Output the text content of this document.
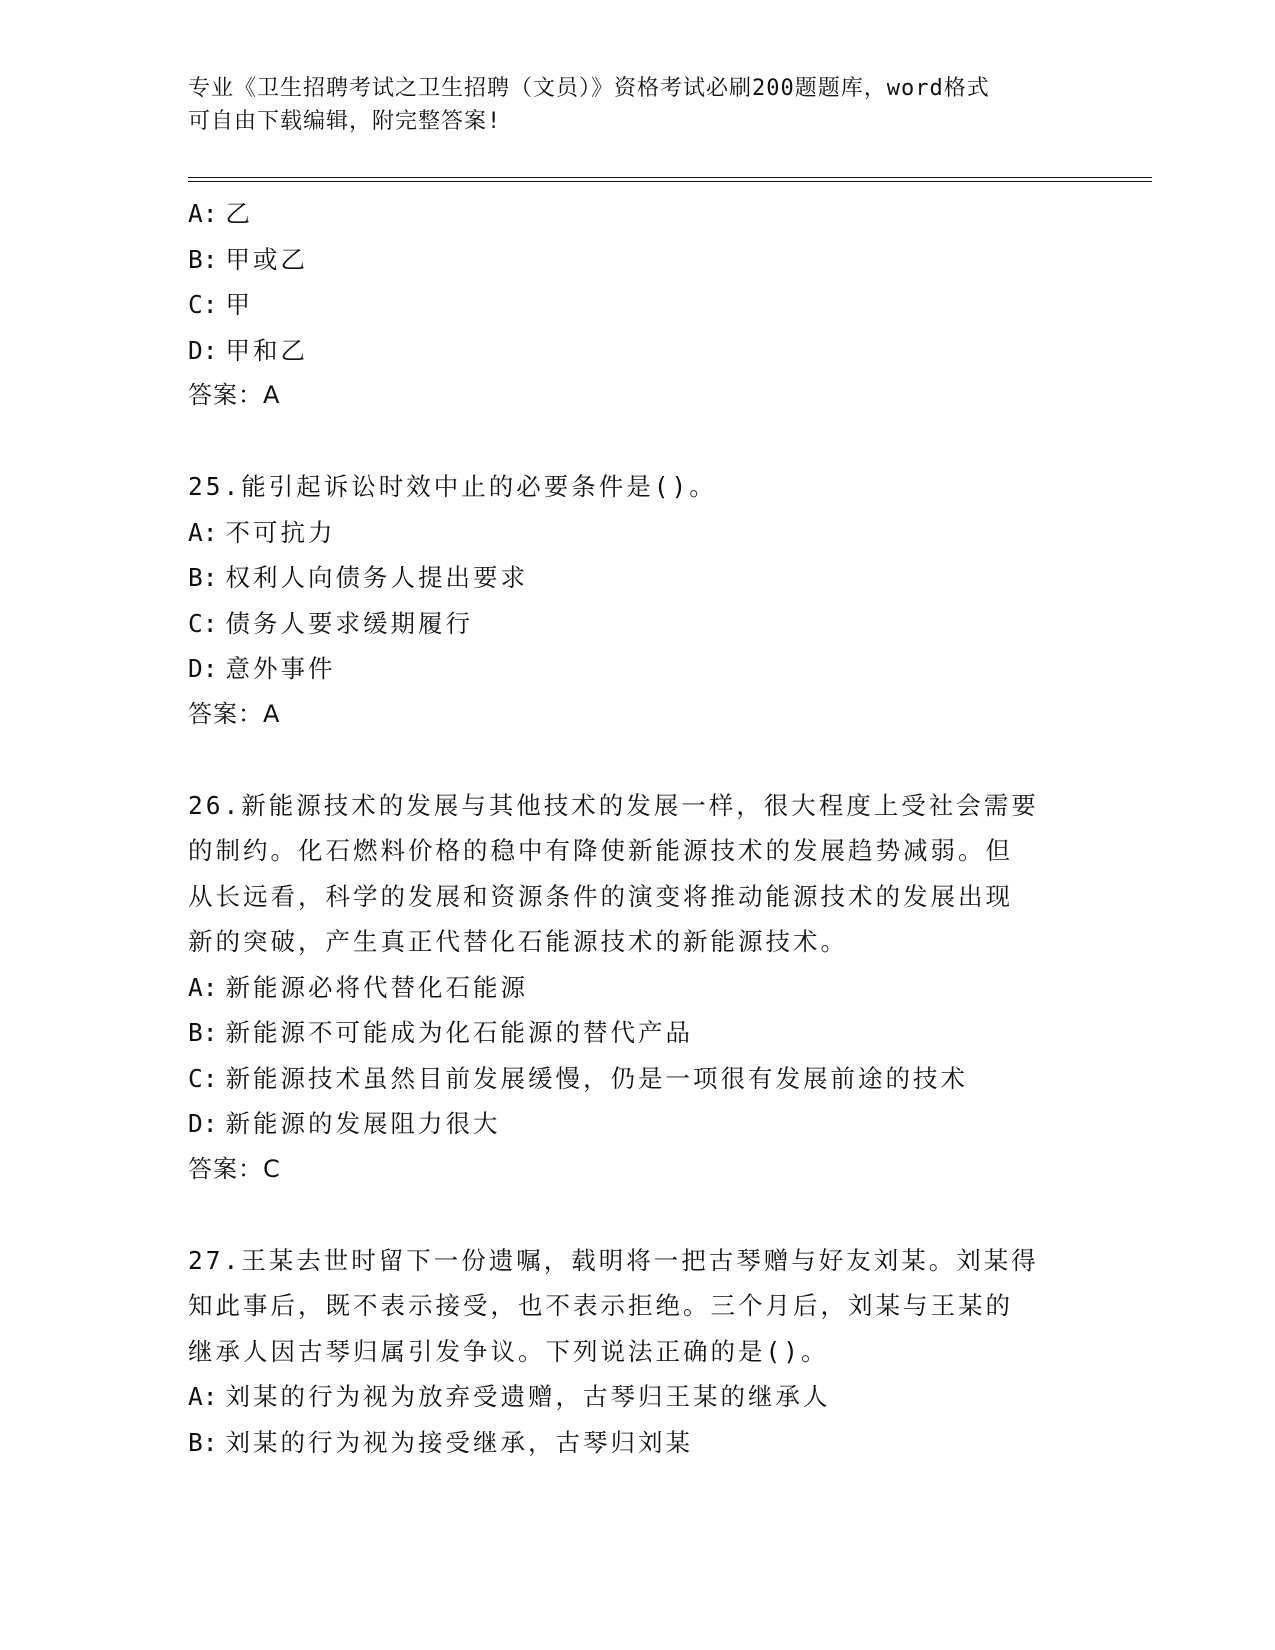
专业《卫生招聘考试之卫生招聘（文员）》资格考试必刷200题题库，word格式
可自由下载编辑，附完整答案!
A: 乙
B: 甲或乙
C: 甲
D: 甲和乙
答案：A
25.能引起诉讼时效中止的必要条件是()。
A: 不可抗力
B: 权利人向债务人提出要求
C: 债务人要求缓期履行
D: 意外事件
答案：A
26.新能源技术的发展与其他技术的发展一样，很大程度上受社会需要
的制约。化石燃料价格的稳中有降使新能源技术的发展趋势减弱。但
从长远看，科学的发展和资源条件的演变将推动能源技术的发展出现
新的突破，产生真正代替化石能源技术的新能源技术。
A: 新能源必将代替化石能源
B: 新能源不可能成为化石能源的替代产品
C: 新能源技术虽然目前发展缓慢，仍是一项很有发展前途的技术
D: 新能源的发展阻力很大
答案：C
27.王某去世时留下一份遗嘱，载明将一把古琴赠与好友刘某。刘某得
知此事后，既不表示接受，也不表示拒绝。三个月后，刘某与王某的
继承人因古琴归属引发争议。下列说法正确的是()。
A: 刘某的行为视为放弃受遗赠，古琴归王某的继承人
B: 刘某的行为视为接受继承，古琴归刘某
